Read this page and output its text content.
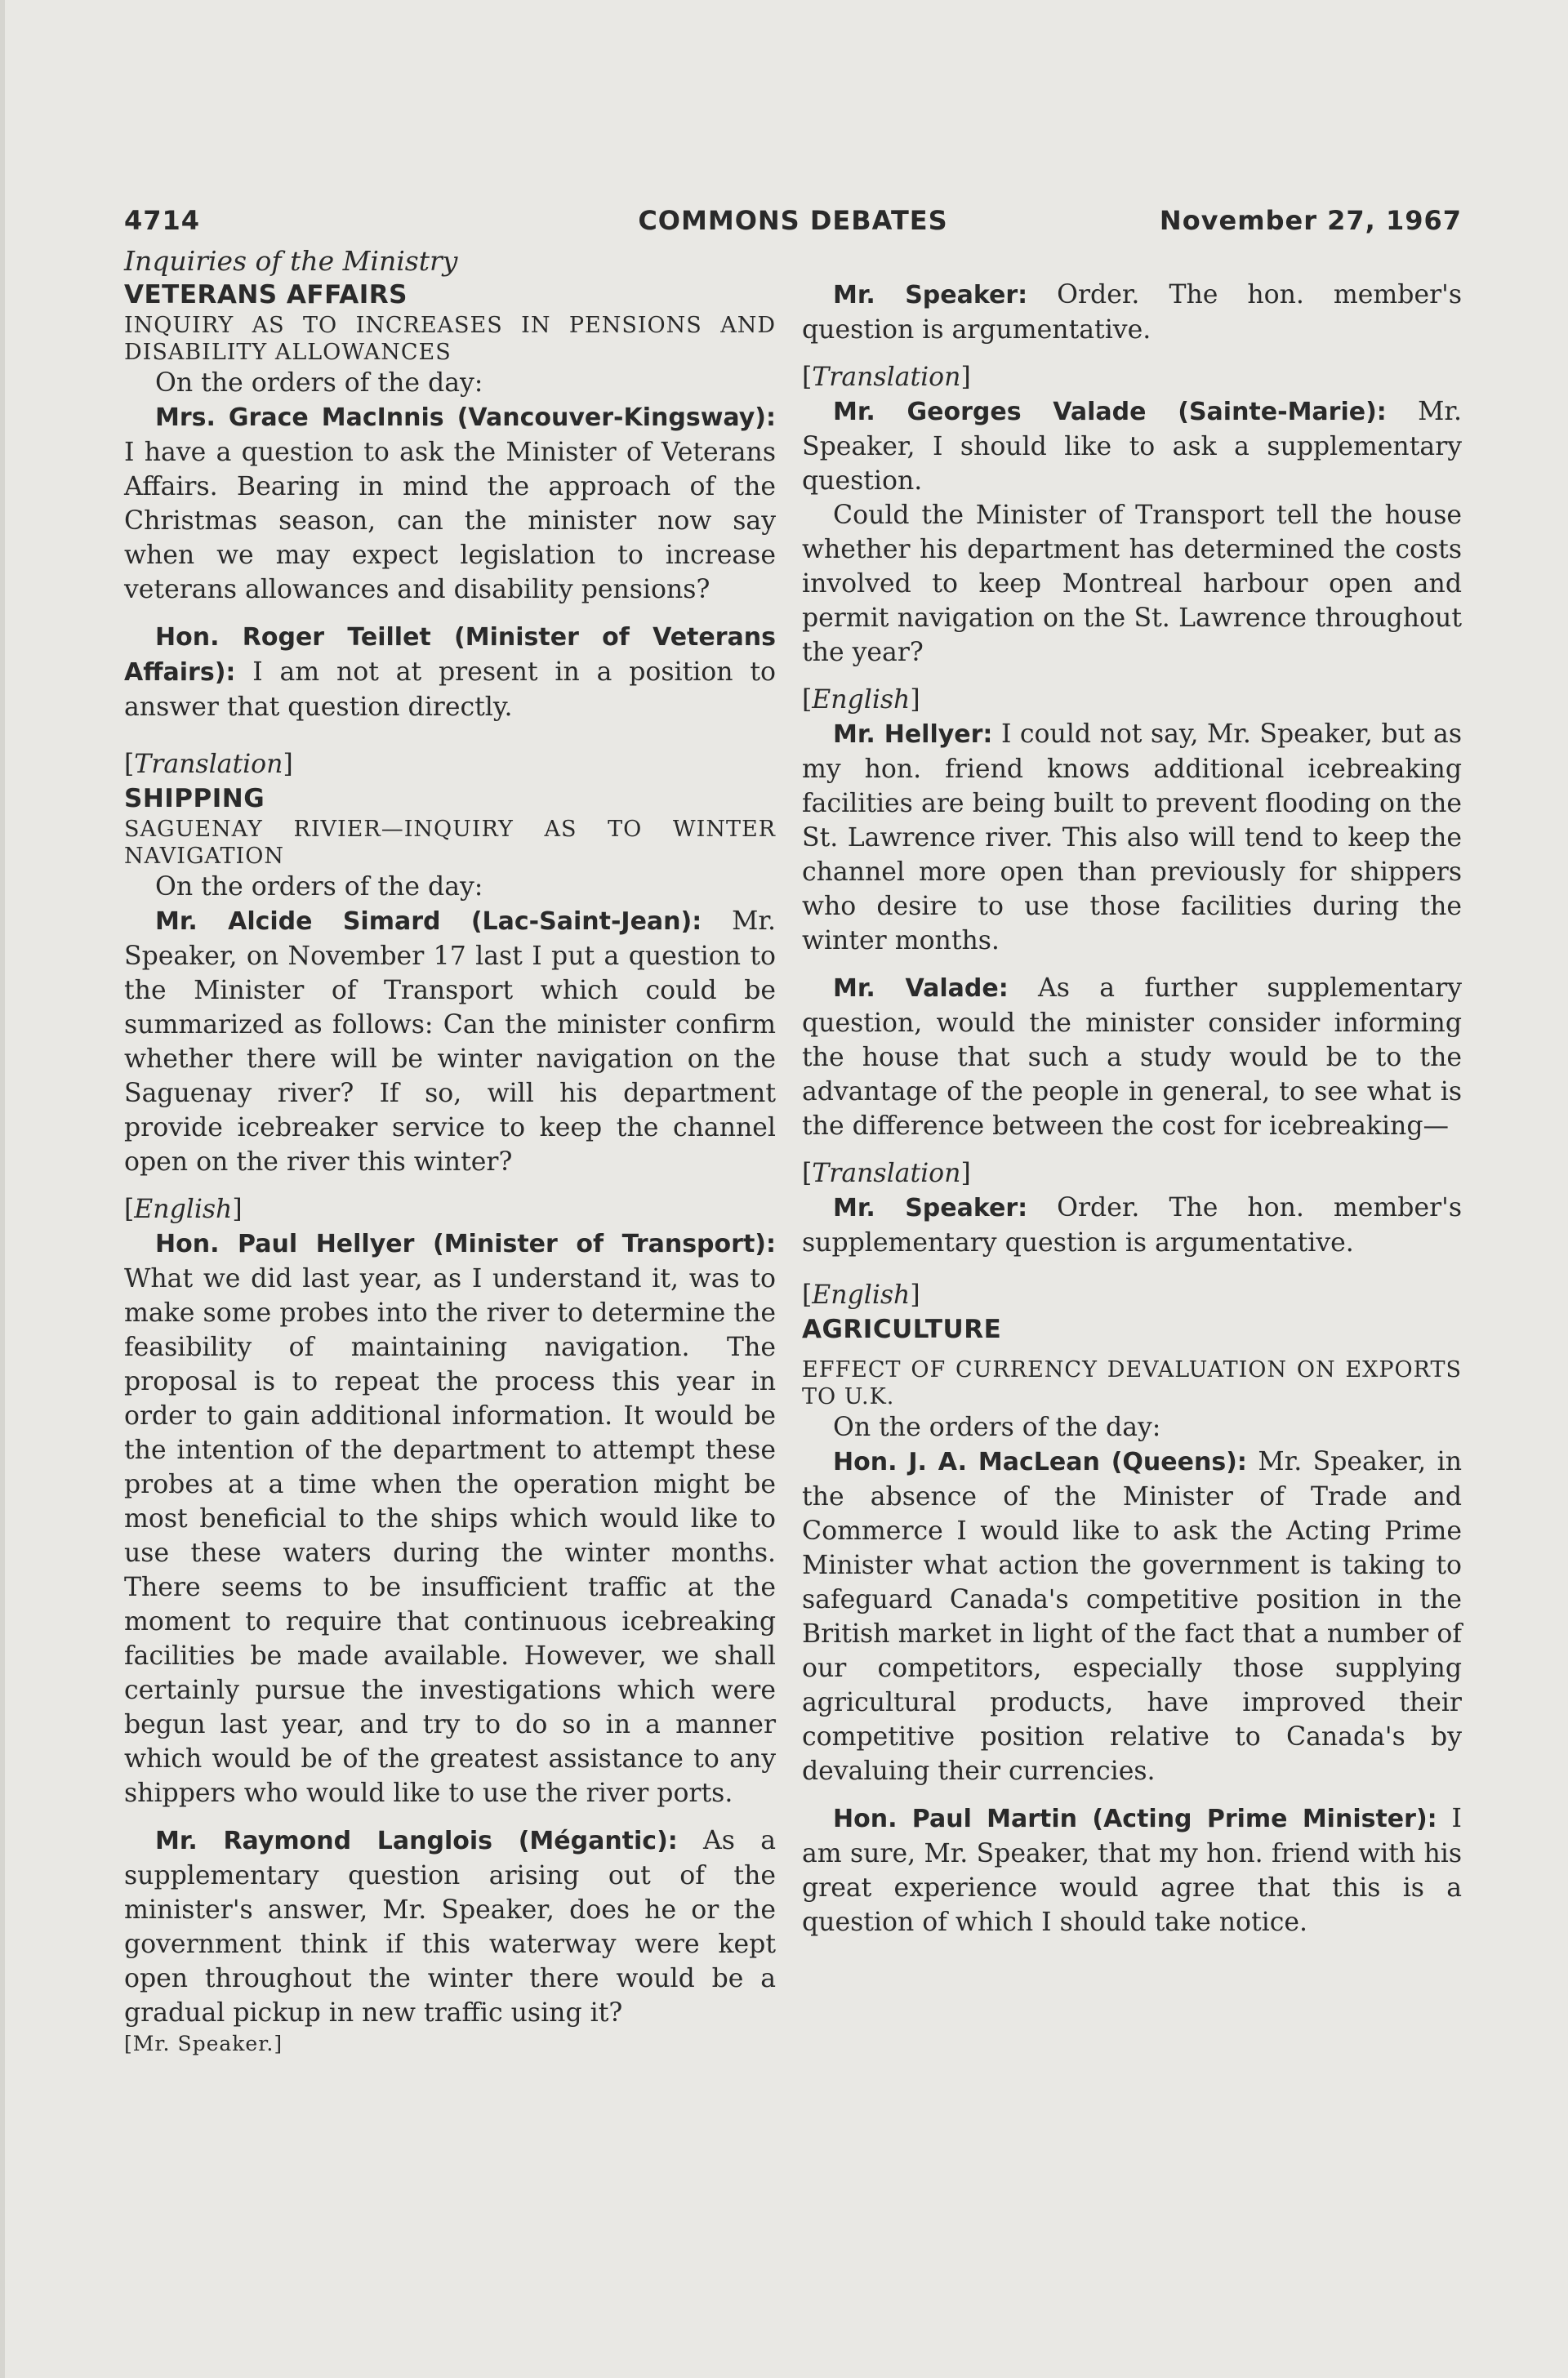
4714	COMMONS DEBATES	November 27, 1967

Inquiries of the Ministry

VETERANS AFFAIRS

INQUIRY AS TO INCREASES IN PENSIONS AND DISABILITY ALLOWANCES

On the orders of the day:

Mrs. Grace MacInnis (Vancouver-Kingsway): I have a question to ask the Minister of Veterans Affairs. Bearing in mind the approach of the Christmas season, can the minister now say when we may expect legislation to increase veterans allowances and disability pensions?

Hon. Roger Teillet (Minister of Veterans Affairs): I am not at present in a position to answer that question directly.

[Translation]

SHIPPING

SAGUENAY RIVIER—INQUIRY AS TO WINTER NAVIGATION

On the orders of the day:

Mr. Alcide Simard (Lac-Saint-Jean): Mr. Speaker, on November 17 last I put a question to the Minister of Transport which could be summarized as follows: Can the minister confirm whether there will be winter navigation on the Saguenay river? If so, will his department provide icebreaker service to keep the channel open on the river this winter?

[English]

Hon. Paul Hellyer (Minister of Transport): What we did last year, as I understand it, was to make some probes into the river to determine the feasibility of maintaining navigation. The proposal is to repeat the process this year in order to gain additional information. It would be the intention of the department to attempt these probes at a time when the operation might be most beneficial to the ships which would like to use these waters during the winter months. There seems to be insufficient traffic at the moment to require that continuous icebreaking facilities be made available. However, we shall certainly pursue the investigations which were begun last year, and try to do so in a manner which would be of the greatest assistance to any shippers who would like to use the river ports.

Mr. Raymond Langlois (Mégantic): As a supplementary question arising out of the minister's answer, Mr. Speaker, does he or the government think if this waterway were kept open throughout the winter there would be a gradual pickup in new traffic using it?

[Mr. Speaker.]

Mr. Speaker: Order. The hon. member's question is argumentative.

[Translation]

Mr. Georges Valade (Sainte-Marie): Mr. Speaker, I should like to ask a supplementary question.

Could the Minister of Transport tell the house whether his department has determined the costs involved to keep Montreal harbour open and permit navigation on the St. Lawrence throughout the year?

[English]

Mr. Hellyer: I could not say, Mr. Speaker, but as my hon. friend knows additional icebreaking facilities are being built to prevent flooding on the St. Lawrence river. This also will tend to keep the channel more open than previously for shippers who desire to use those facilities during the winter months.

Mr. Valade: As a further supplementary question, would the minister consider informing the house that such a study would be to the advantage of the people in general, to see what is the difference between the cost for icebreaking—

[Translation]

Mr. Speaker: Order. The hon. member's supplementary question is argumentative.

[English]

AGRICULTURE

EFFECT OF CURRENCY DEVALUATION ON EXPORTS TO U.K.

On the orders of the day:

Hon. J. A. MacLean (Queens): Mr. Speaker, in the absence of the Minister of Trade and Commerce I would like to ask the Acting Prime Minister what action the government is taking to safeguard Canada's competitive position in the British market in light of the fact that a number of our competitors, especially those supplying agricultural products, have improved their competitive position relative to Canada's by devaluing their currencies.

Hon. Paul Martin (Acting Prime Minister): I am sure, Mr. Speaker, that my hon. friend with his great experience would agree that this is a question of which I should take notice.
